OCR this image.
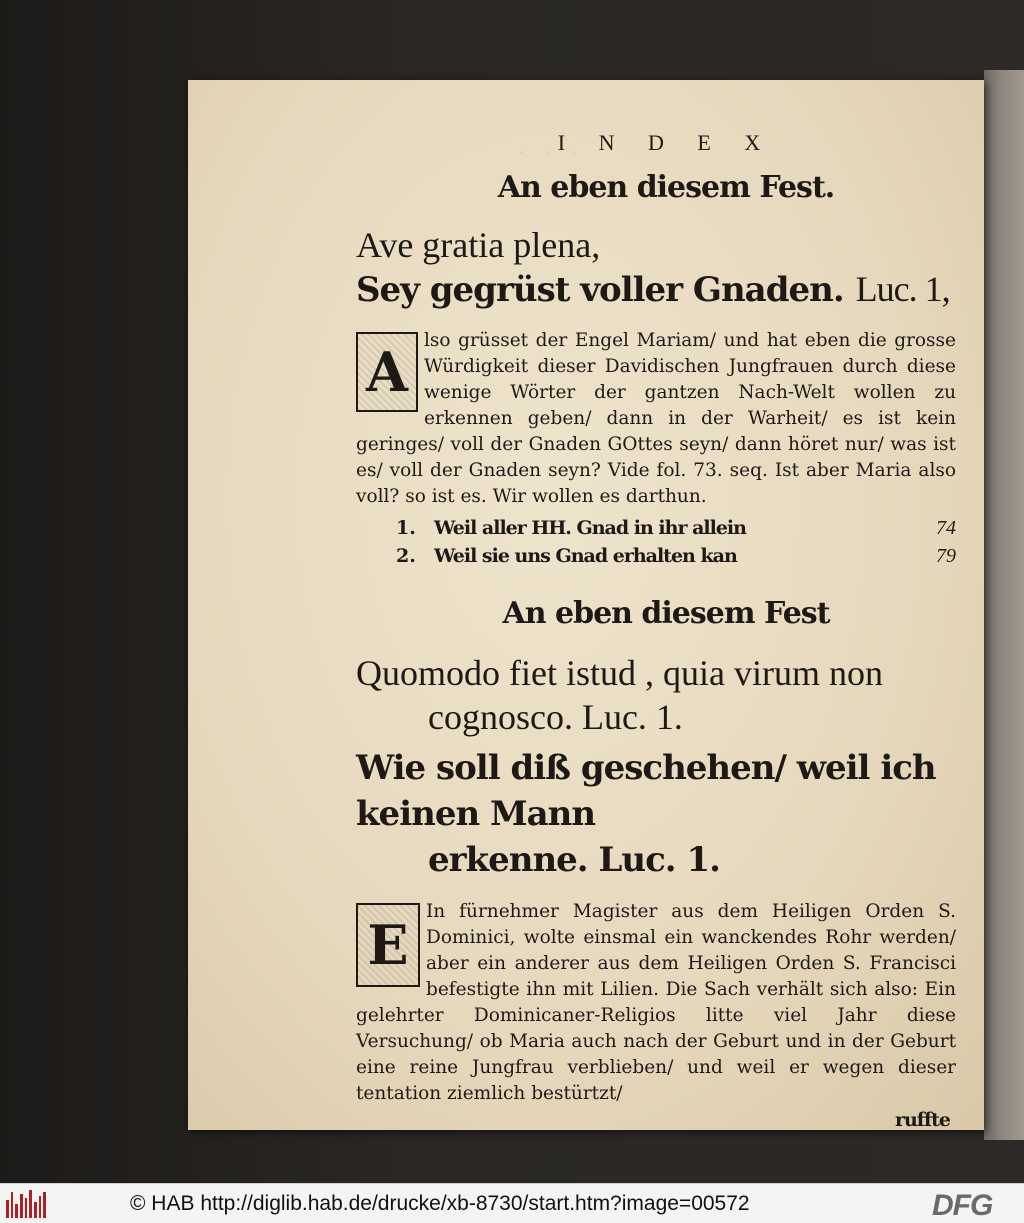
· · ·
I N D E X
An eben diesem Fest.

Ave gratia plena,

Sey gegrüst voller Gnaden. Luc. 1,

A lso grüsset der Engel Mariam/ und hat eben die grosse Würdigkeit dieser Davidischen Jungfrauen durch diese wenige Wörter der gantzen Nach-Welt wollen zu erkennen geben/ dann in der Warheit/ es ist kein geringes/ voll der Gnaden GOttes seyn/ dann höret nur/ was ist es/ voll der Gnaden seyn? Vide fol. 73. seq. Ist aber Maria also voll? so ist es. Wir wollen es darthun.
1. Weil aller HH. Gnad in ihr allein	74
2. Weil sie uns Gnad erhalten kan	79
An eben diesem Fest

Quomodo fiet istud , quia virum non

cognosco. Luc. 1.

Wie soll diß geschehen/ weil ich keinen Mann

erkenne. Luc. 1.

E
In fürnehmer Magister aus dem Heiligen Orden S. Dominici, wolte einsmal ein wanckendes Rohr werden/ aber ein anderer aus dem Heiligen Orden S. Francisci befestigte ihn mit Lilien. Die Sach verhält sich also: Ein gelehrter Dominicaner-Religios litte viel Jahr diese Versuchung/ ob Maria auch nach der Geburt und in der Geburt eine reine Jungfrau verblieben/ und weil er wegen dieser tentation ziemlich bestürtzt/
ruffte
© HAB http://diglib.hab.de/drucke/xb-8730/start.htm?image=00572	DFG
